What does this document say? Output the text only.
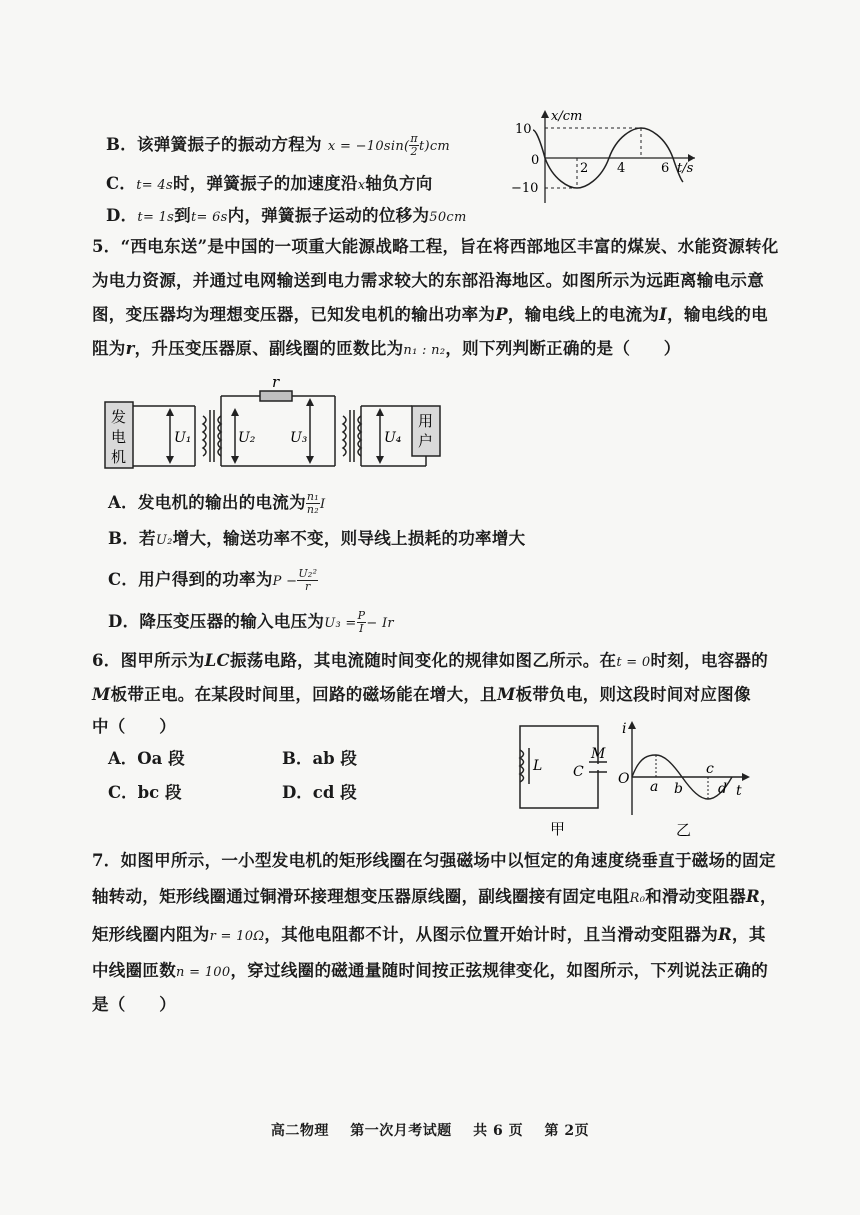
B．该弹簧振子的振动方程为 $x = -10\sin( \frac{\pi}{2} t)cm$
C．t= 4s时，弹簧振子的加速度沿x轴负方向
D．t= 1s到t= 6s内，弹簧振子运动的位移为50cm
x/cm
10
−10
0
2 4	6 t/s
5．“西电东送”是中国的一项重大能源战略工程，旨在将西部地区丰富的煤炭、水能资源转化
为电力资源，并通过电网输送到电力需求较大的东部沿海地区。如图所示为远距离输电示意
图，变压器均为理想变压器，已知发电机的输出功率为P，输电线上的电流为I，输电线的电
阻为r，升压变压器原、副线圈的匝数比为n₁ : n₂，则下列判断正确的是（　　）
r
发
电
机
用
户
U₁	U₂ U₃	U₄
A．发电机的输出的电流为 $\frac{\text{n₁}}{\text{n₂}}$ I
B．若U₂增大，输送功率不变，则导线上损耗的功率增大
C．用户得到的功率为$P - \frac{\text{U₂²}}{r}$
D．降压变压器的输入电压为$U_3 = \frac{P}{I} - Ir$
6．图甲所示为LC振荡电路，其电流随时间变化的规律如图乙所示。在t = 0时刻，电容器的
M板带正电。在某段时间里，回路的磁场能在增大，且M板带负电，则这段时间对应图像
中（　　）
A．Oa 段	B．ab 段
C．bc 段	D．cd 段
L C
M
甲
i
t
O a b
c
d
乙
7．如图甲所示，一小型发电机的矩形线圈在匀强磁场中以恒定的角速度绕垂直于磁场的固定
轴转动，矩形线圈通过铜滑环接理想变压器原线圈，副线圈接有固定电阻R₀和滑动变阻器R，
矩形线圈内阻为r = 10Ω，其他电阻都不计，从图示位置开始计时，且当滑动变阻器为R，其
中线圈匝数n = 100，穿过线圈的磁通量随时间按正弦规律变化，如图所示，下列说法正确的
是（　　）
高二物理 第一次月考试题 共 6 页 第 2页
